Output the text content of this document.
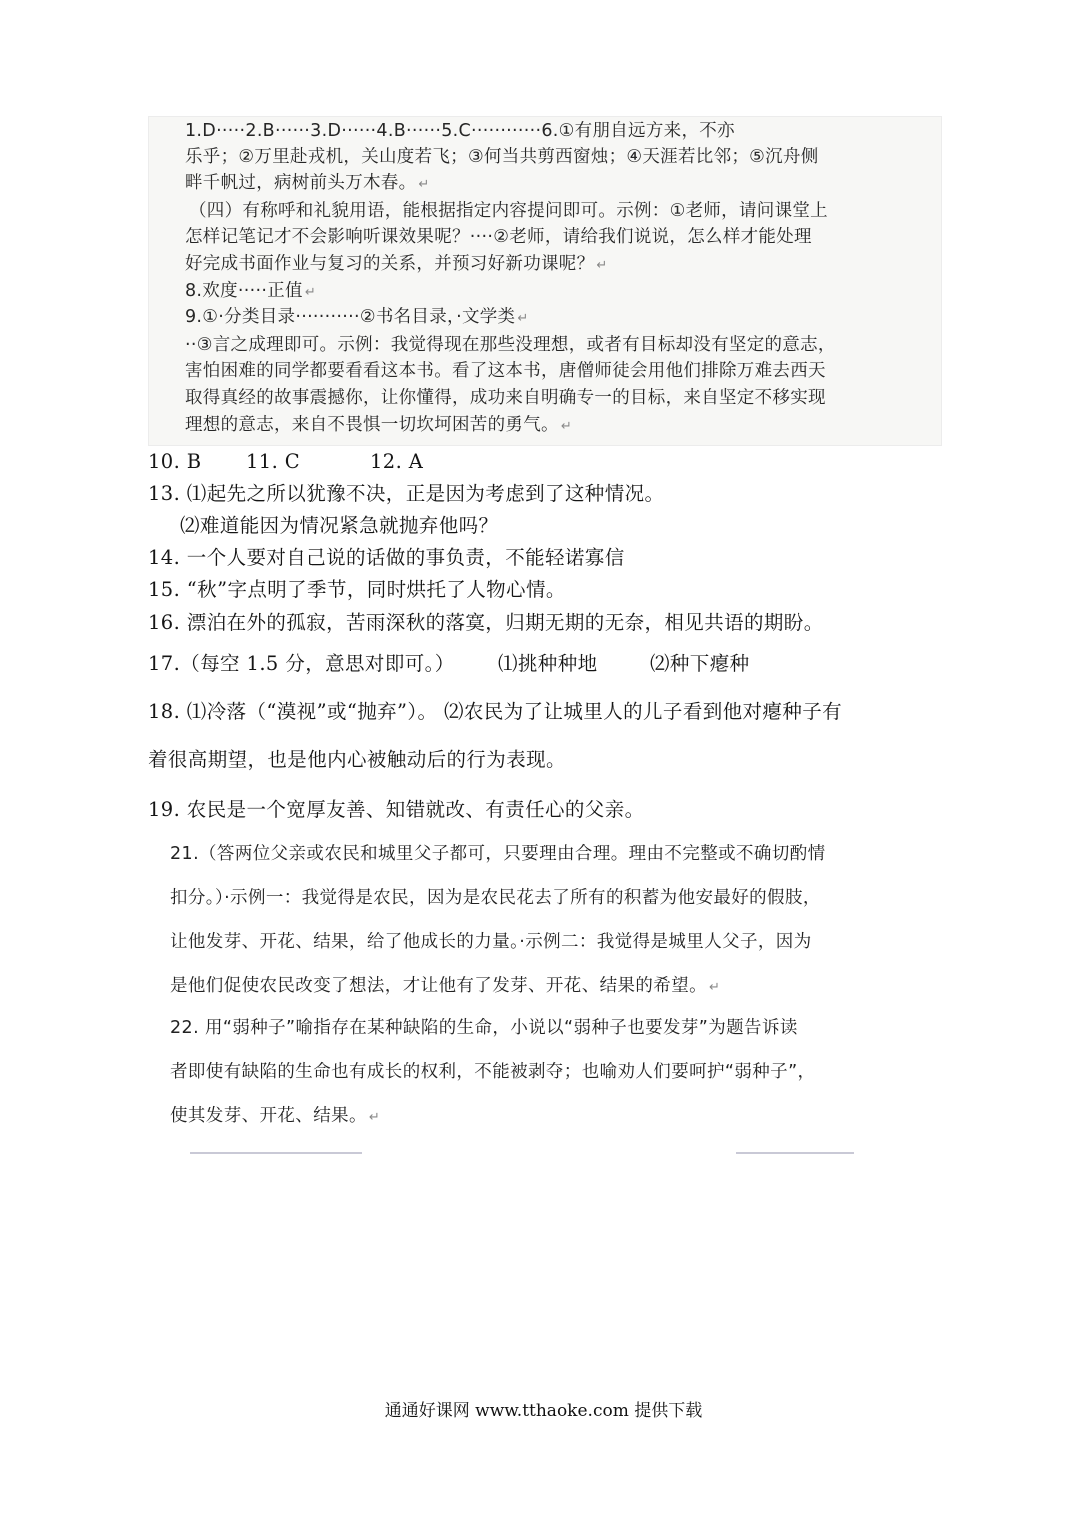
1.D·····2.B······3.D······4.B······5.C············6.①有朋自远方来，不亦
乐乎；②万里赴戎机，关山度若飞；③何当共剪西窗烛；④天涯若比邻；⑤沉舟侧
畔千帆过，病树前头万木春。 ↵
（四）有称呼和礼貌用语，能根据指定内容提问即可。示例：①老师，请问课堂上
怎样记笔记才不会影响听课效果呢？····②老师，请给我们说说，怎么样才能处理
好完成书面作业与复习的关系，并预习好新功课呢？ ↵
8.欢度·····正值 ↵
9.①·分类目录···········②书名目录，·文学类 ↵
··③言之成理即可。示例：我觉得现在那些没理想，或者有目标却没有坚定的意志，
害怕困难的同学都要看看这本书。看了这本书，唐僧师徒会用他们排除万难去西天
取得真经的故事震撼你，让你懂得，成功来自明确专一的目标，来自坚定不移实现
理想的意志，来自不畏惧一切坎坷困苦的勇气。 ↵
10. B 11. C	12. A
13. ⑴起先之所以犹豫不决，正是因为考虑到了这种情况。
⑵难道能因为情况紧急就抛弃他吗？
14. 一个人要对自己说的话做的事负责，不能轻诺寡信
15. “秋”字点明了季节，同时烘托了人物心情。
16. 漂泊在外的孤寂，苦雨深秋的落寞，归期无期的无奈，相见共语的期盼。
17.（每空 1.5 分，意思对即可。） ⑴挑种种地	⑵种下瘪种
18. ⑴冷落（“漠视”或“抛弃”）。 ⑵农民为了让城里人的儿子看到他对瘪种子有
着很高期望，也是他内心被触动后的行为表现。
19. 农民是一个宽厚友善、知错就改、有责任心的父亲。
21.（答两位父亲或农民和城里父子都可，只要理由合理。理由不完整或不确切酌情
扣分。）·示例一：我觉得是农民，因为是农民花去了所有的积蓄为他安最好的假肢，
让他发芽、开花、结果，给了他成长的力量。·示例二：我觉得是城里人父子，因为
是他们促使农民改变了想法，才让他有了发芽、开花、结果的希望。 ↵
22. 用“弱种子”喻指存在某种缺陷的生命，小说以“弱种子也要发芽”为题告诉读
者即使有缺陷的生命也有成长的权利，不能被剥夺；也喻劝人们要呵护“弱种子”，
使其发芽、开花、结果。 ↵
通通好课网 www.tthaoke.com 提供下载
